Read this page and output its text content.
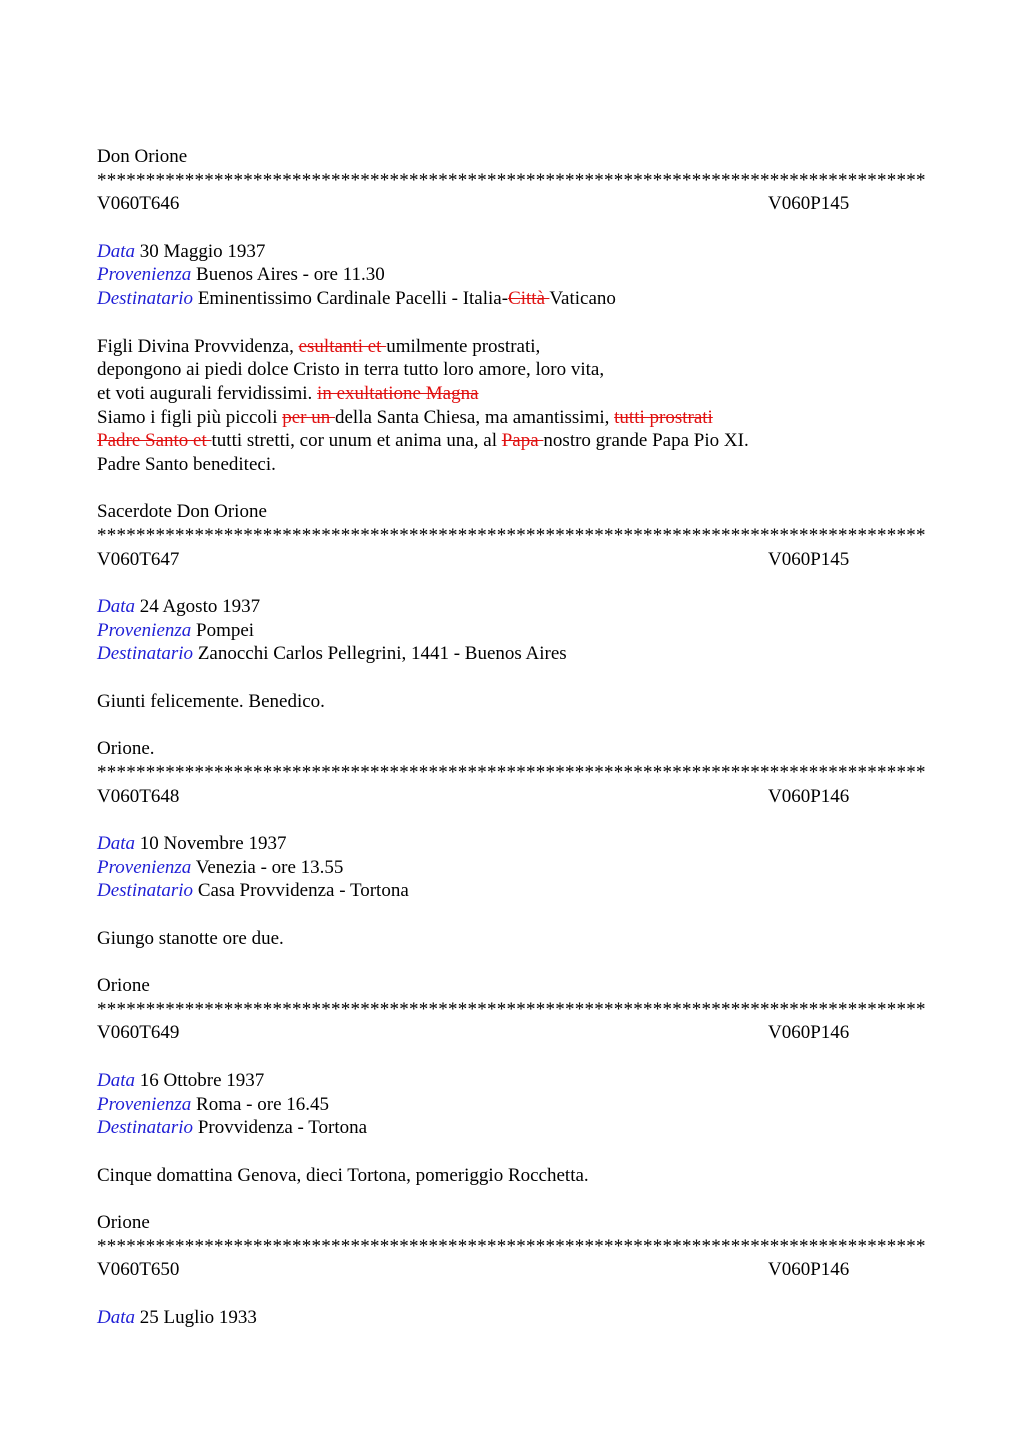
Don Orione
*************************************************************************************
V060T646	V060P145
Data 30 Maggio 1937
Provenienza Buenos Aires - ore 11.30
Destinatario Eminentissimo Cardinale Pacelli - Italia-Città Vaticano
Figli Divina Provvidenza, esultanti et umilmente prostrati,
depongono ai piedi dolce Cristo in terra tutto loro amore, loro vita,
et voti augurali fervidissimi. in exultatione Magna
Siamo i figli più piccoli per un della Santa Chiesa, ma amantissimi, tutti prostrati
Padre Santo et tutti stretti, cor unum et anima una, al Papa nostro grande Papa Pio XI.
Padre Santo benediteci.
Sacerdote Don Orione
*************************************************************************************
V060T647	V060P145
Data 24 Agosto 1937
Provenienza Pompei
Destinatario Zanocchi Carlos Pellegrini, 1441 - Buenos Aires
Giunti felicemente. Benedico.
Orione.
*************************************************************************************
V060T648	V060P146
Data 10 Novembre 1937
Provenienza Venezia - ore 13.55
Destinatario Casa Provvidenza - Tortona
Giungo stanotte ore due.
Orione
*************************************************************************************
V060T649	V060P146
Data 16 Ottobre 1937
Provenienza Roma - ore 16.45
Destinatario Provvidenza - Tortona
Cinque domattina Genova, dieci Tortona, pomeriggio Rocchetta.
Orione
*************************************************************************************
V060T650	V060P146
Data 25 Luglio 1933
